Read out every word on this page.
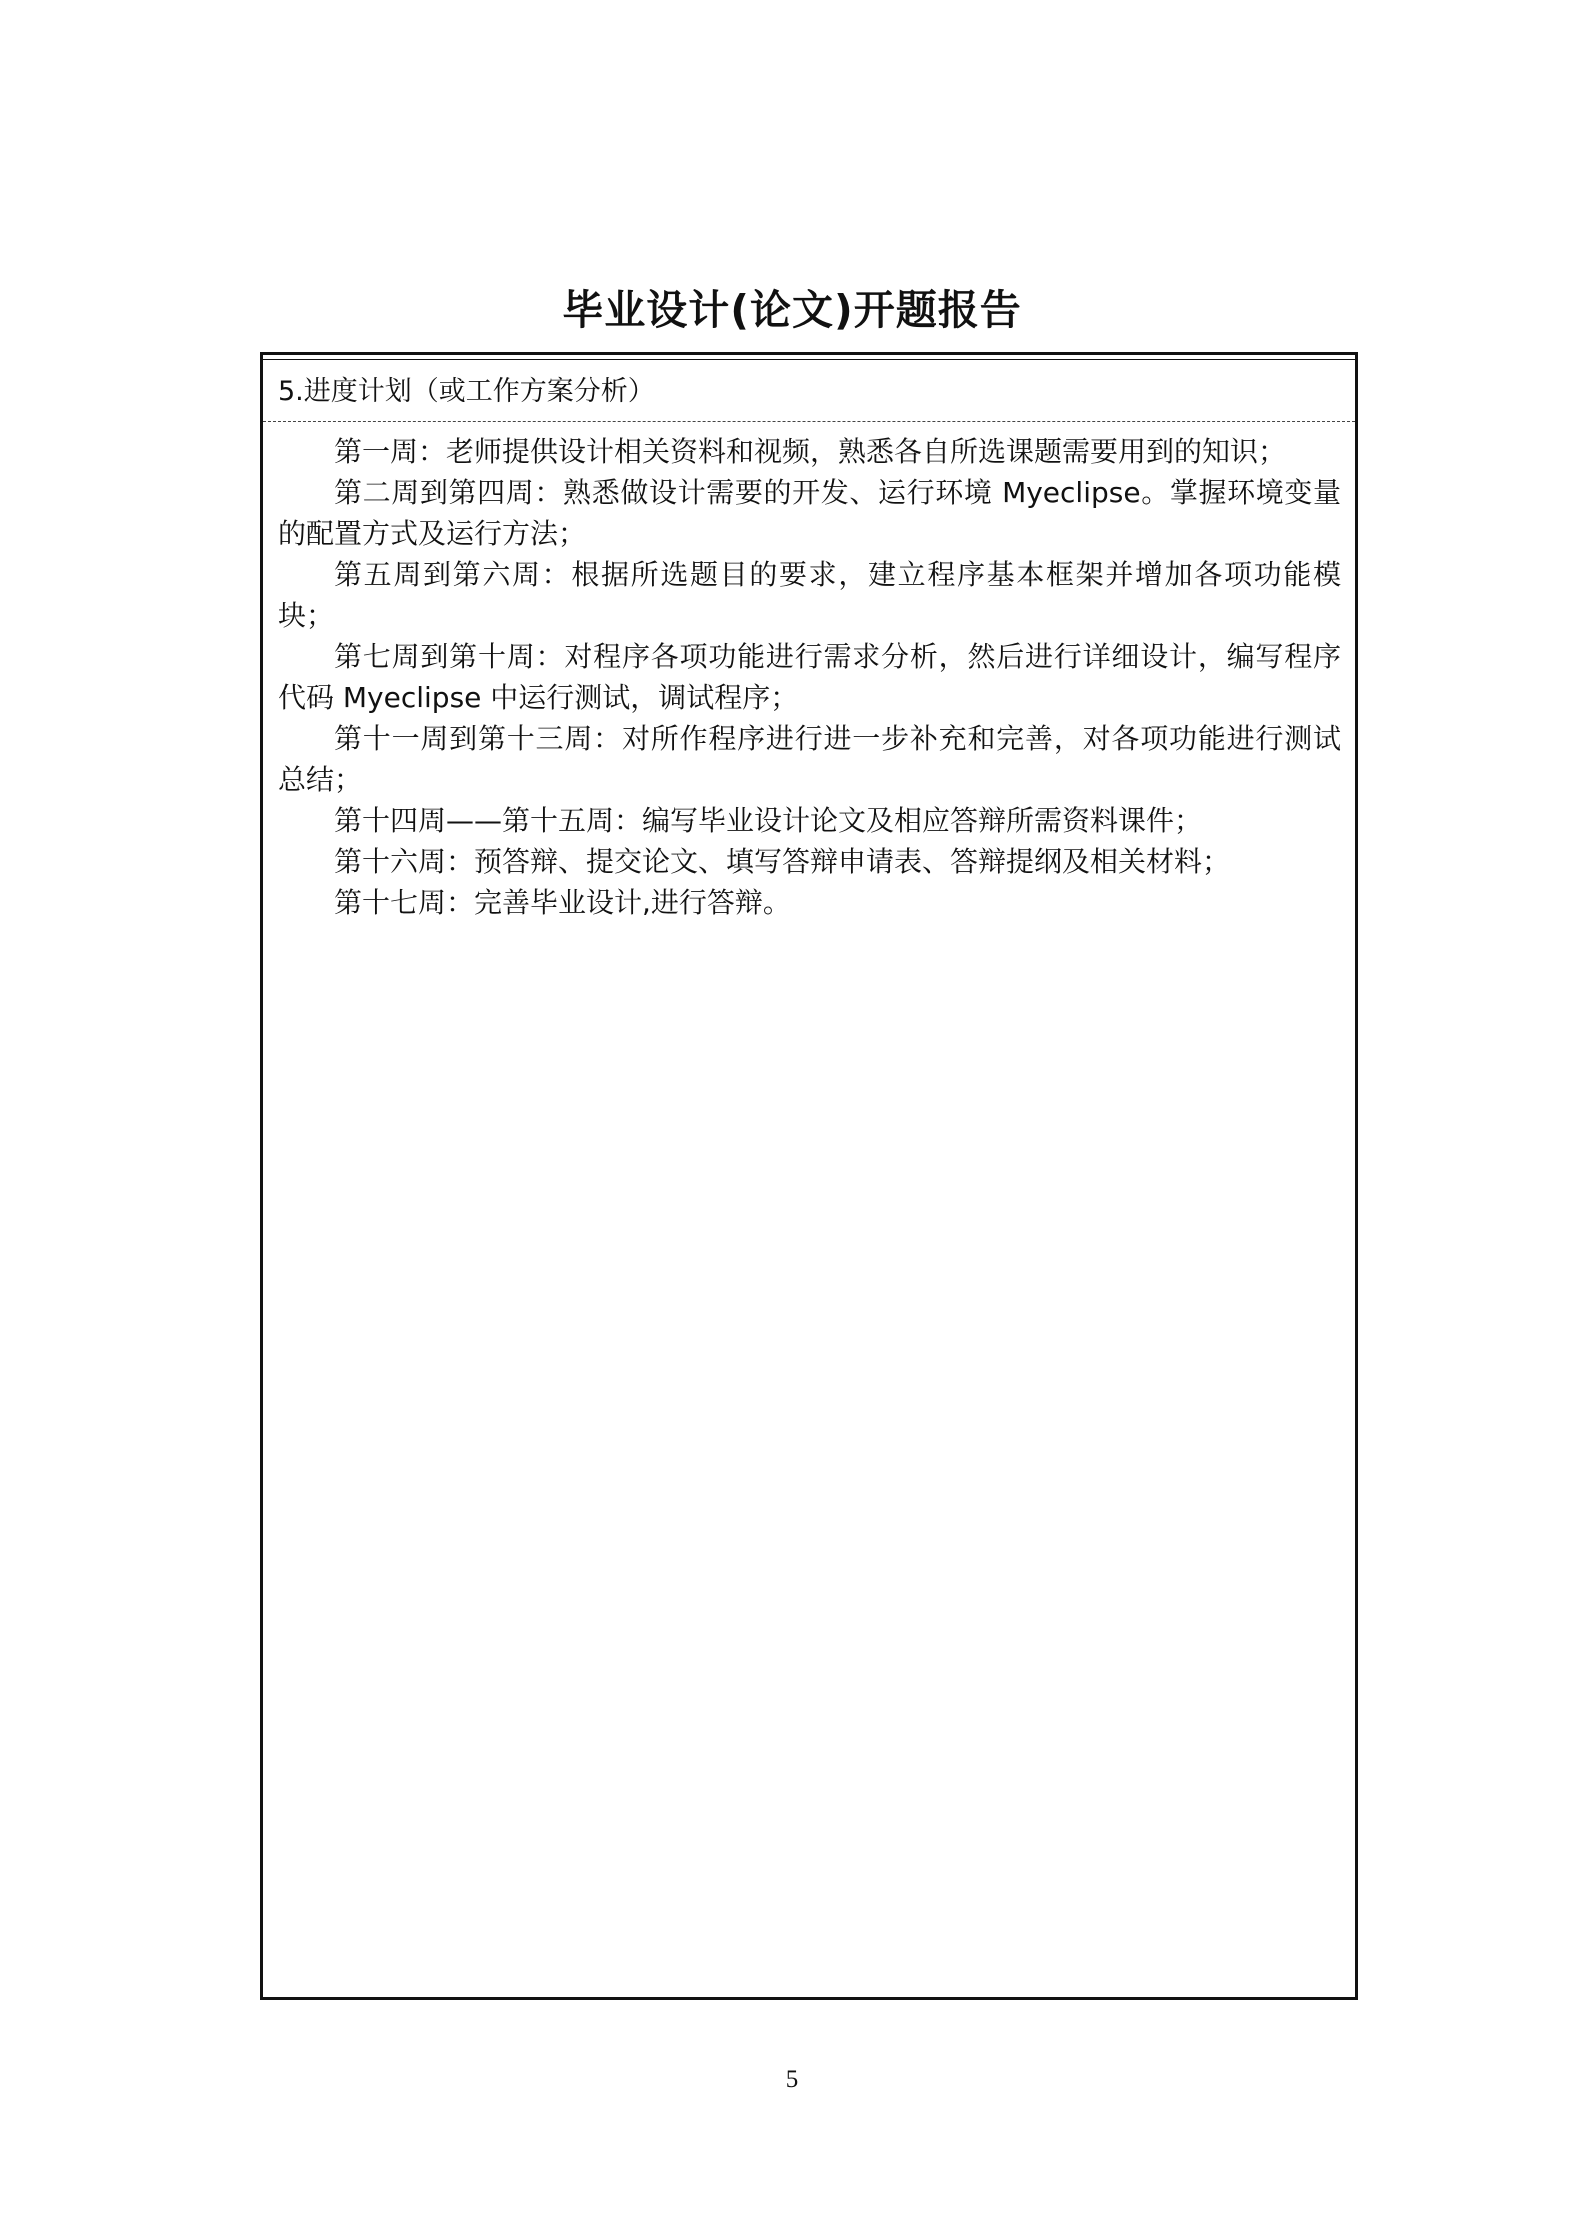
毕业设计(论文)开题报告
5.进度计划（或工作方案分析）

第一周：老师提供设计相关资料和视频，熟悉各自所选课题需要用到的知识；

第二周到第四周：熟悉做设计需要的开发、运行环境 Myeclipse。掌握环境变量的配置方式及运行方法；

第五周到第六周：根据所选题目的要求，建立程序基本框架并增加各项功能模块；

第七周到第十周：对程序各项功能进行需求分析，然后进行详细设计，编写程序代码 Myeclipse 中运行测试，调试程序；

第十一周到第十三周：对所作程序进行进一步补充和完善，对各项功能进行测试总结；

第十四周——第十五周：编写毕业设计论文及相应答辩所需资料课件；

第十六周：预答辩、提交论文、填写答辩申请表、答辩提纲及相关材料；

第十七周：完善毕业设计,进行答辩。

5
